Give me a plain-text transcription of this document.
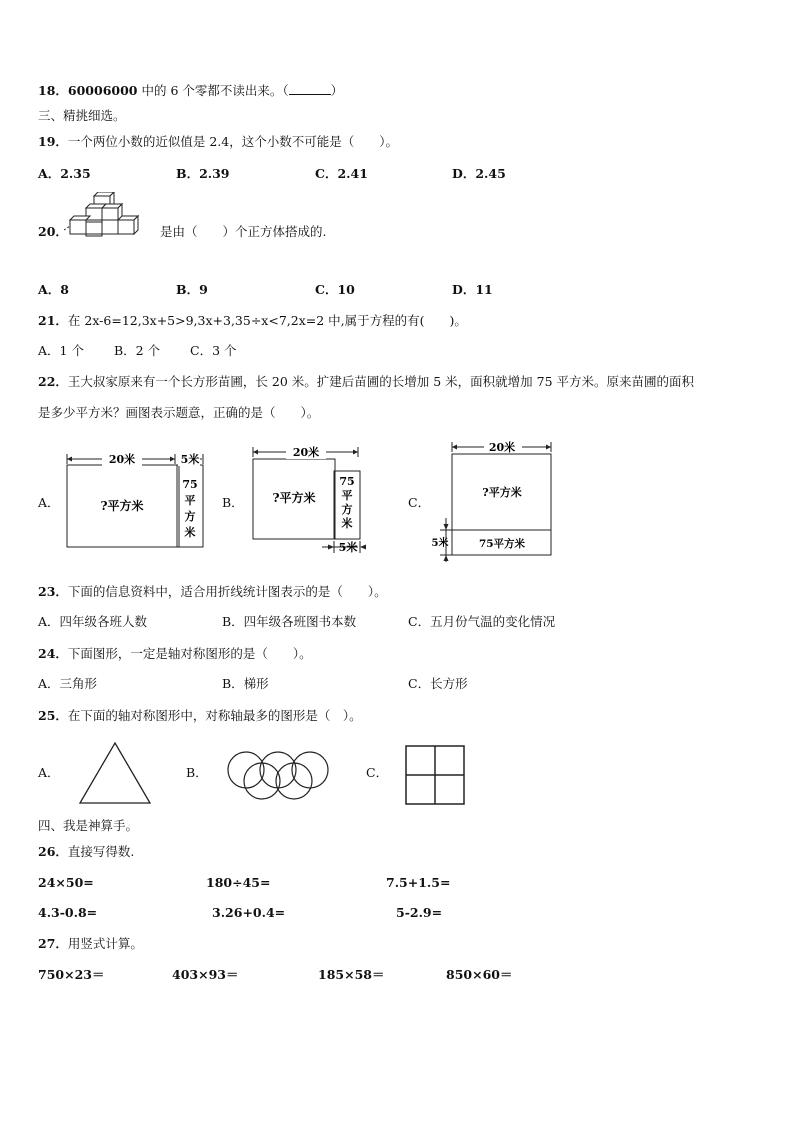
18．60006000 中的 6 个零都不读出来。（	）
三、精挑细选。
19．一个两位小数的近似值是 2.4，这个小数不可能是（　　）。
A．2.35	B．2.39	C．2.41	D．2.45
20．	是由（　　）个正方体搭成的.
A．8	B．9	C．10	D．11
21．在 2x-6=12,3x+5>9,3x+3,35÷x<7,2x=2 中,属于方程的有(　　)。
A．1 个 B．2 个 C．3 个
22．王大叔家原来有一个长方形苗圃，长 20 米。扩建后苗圃的长增加 5 米，面积就增加 75 平方米。原来苗圃的面积
是多少平方米？画图表示题意，正确的是（　　）。
A．
20米	5米
?平方米
75
平
方
米
B．
20米
5米
?平方米
75
平
方
米
C．
20米
5米
?平方米
75平方米
23．下面的信息资料中，适合用折线统计图表示的是（　　）。
A．四年级各班人数	B．四年级各班图书本数	C．五月份气温的变化情况
24．下面图形，一定是轴对称图形的是（　　）。
A．三角形	B．梯形	C．长方形
25．在下面的轴对称图形中，对称轴最多的图形是（　）。
A．	B．	C．
四、我是神算手。
26．直接写得数.
24×50=	180÷45=	7.5+1.5=
4.3-0.8=	3.26+0.4=	5-2.9=
27．用竖式计算。
750×23＝	403×93＝	185×58＝	850×60＝
